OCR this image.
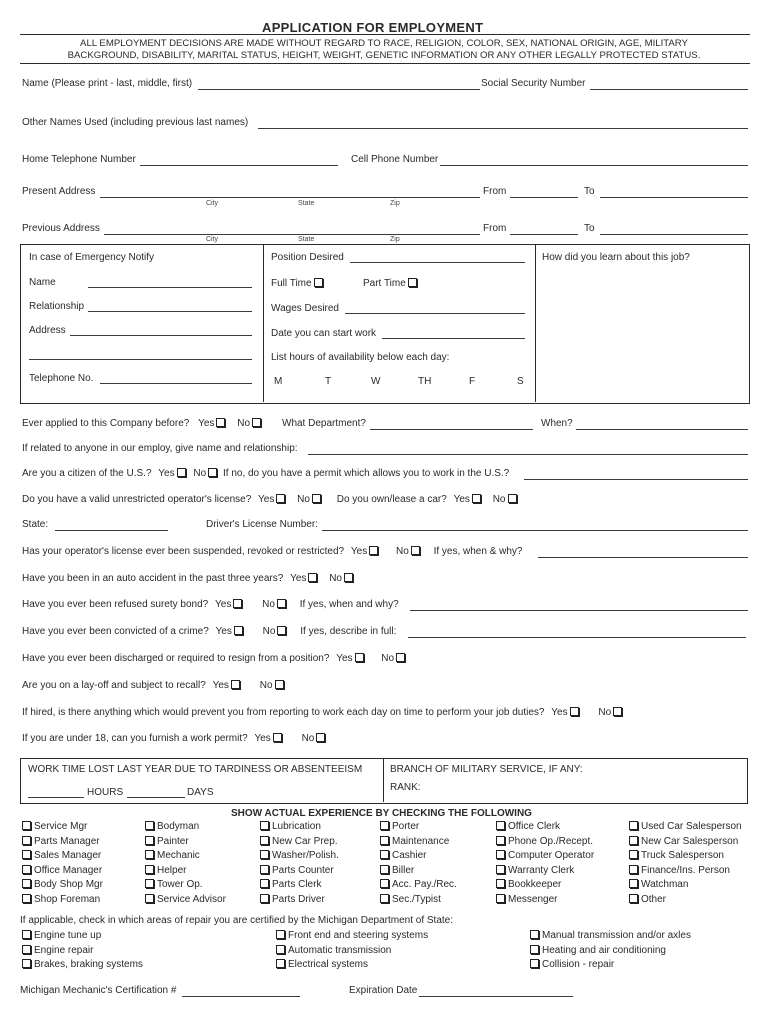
APPLICATION FOR EMPLOYMENT
ALL EMPLOYMENT DECISIONS ARE MADE WITHOUT REGARD TO RACE, RELIGION, COLOR, SEX, NATIONAL ORIGIN, AGE, MILITARY
BACKGROUND, DISABILITY, MARITAL STATUS, HEIGHT, WEIGHT, GENETIC INFORMATION OR ANY OTHER LEGALLY PROTECTED STATUS.
Name (Please print - last, middle, first)	Social Security Number
Other Names Used (including previous last names)
Home Telephone Number	Cell Phone Number
Present Address	From	To
City	State	Zip
Previous Address	From	To
City	State	Zip
In case of Emergency Notify
Name
Relationship
Address
Telephone No.
Position Desired
Full Time	Part Time
Wages Desired
Date you can start work
List hours of availability below each day:
M	T	W	TH	F	S
How did you learn about this job?
Ever applied to this Company before? Yes No	What Department?	When?
If related to anyone in our employ, give name and relationship:
Are you a citizen of the U.S.? Yes No If no, do you have a permit which allows you to work in the U.S.?
Do you have a valid unrestricted operator's license? Yes No	Do you own/lease a car? Yes No
State:	Driver's License Number:
Has your operator's license ever been suspended, revoked or restricted? Yes	No If yes, when & why?
Have you been in an auto accident in the past three years? Yes No
Have you ever been refused surety bond? Yes	No If yes, when and why?
Have you ever been convicted of a crime? Yes	No If yes, describe in full:
Have you ever been discharged or required to resign from a position? Yes	No
Are you on a lay-off and subject to recall? Yes	No
If hired, is there anything which would prevent you from reporting to work each day on time to perform your job duties? Yes	No
If you are under 18, can you furnish a work permit? Yes	No
WORK TIME LOST LAST YEAR DUE TO TARDINESS OR ABSENTEEISM
HOURS	DAYS
BRANCH OF MILITARY SERVICE, IF ANY:
RANK:
SHOW ACTUAL EXPERIENCE BY CHECKING THE FOLLOWING
Service Mgr
Parts Manager
Sales Manager
Office Manager
Body Shop Mgr
Shop Foreman
Bodyman
Painter
Mechanic
Helper
Tower Op.
Service Advisor
Lubrication
New Car Prep.
Washer/Polish.
Parts Counter
Parts Clerk
Parts Driver
Porter
Maintenance
Cashier
Biller
Acc. Pay./Rec.
Sec./Typist
Office Clerk
Phone Op./Recept.
Computer Operator
Warranty Clerk
Bookkeeper
Messenger
Used Car Salesperson
New Car Salesperson
Truck Salesperson
Finance/Ins. Person
Watchman
Other
If applicable, check in which areas of repair you are certified by the Michigan Department of State:
Engine tune up
Engine repair
Brakes, braking systems
Front end and steering systems
Automatic transmission
Electrical systems
Manual transmission and/or axles
Heating and air conditioning
Collision - repair
Michigan Mechanic's Certification #	Expiration Date
